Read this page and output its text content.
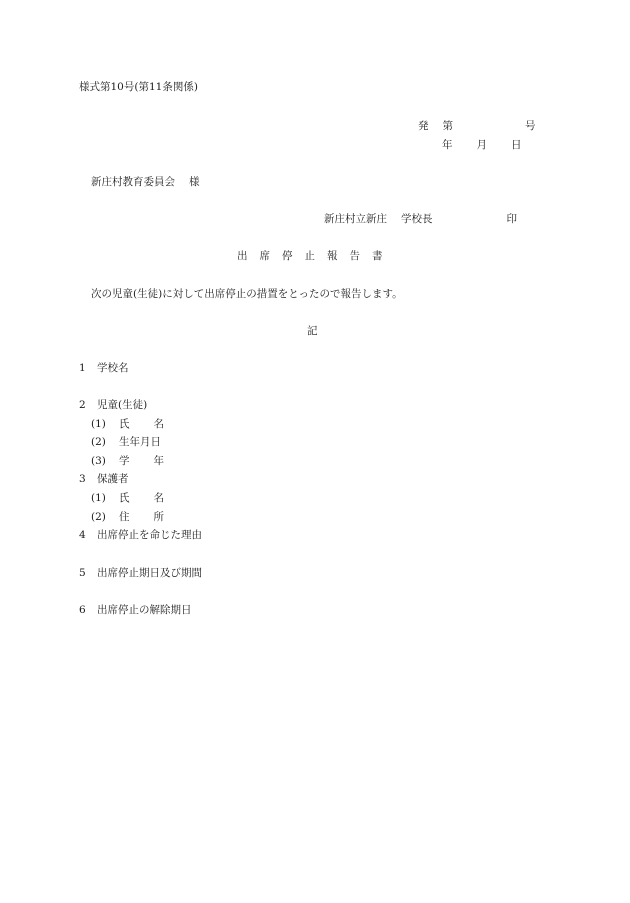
様式第10号(第11条関係)
発 第	号
年 月 日
新庄村教育委員会 様
新庄村立新庄 学校長	印
出 席 停 止 報 告 書
次の児童(生徒)に対して出席停止の措置をとったので報告します。
記
1 学校名
2 児童(生徒)
(1) 氏 名
(2) 生年月日
(3) 学 年
3 保護者
(1) 氏 名
(2) 住 所
4 出席停止を命じた理由
5 出席停止期日及び期間
6 出席停止の解除期日
